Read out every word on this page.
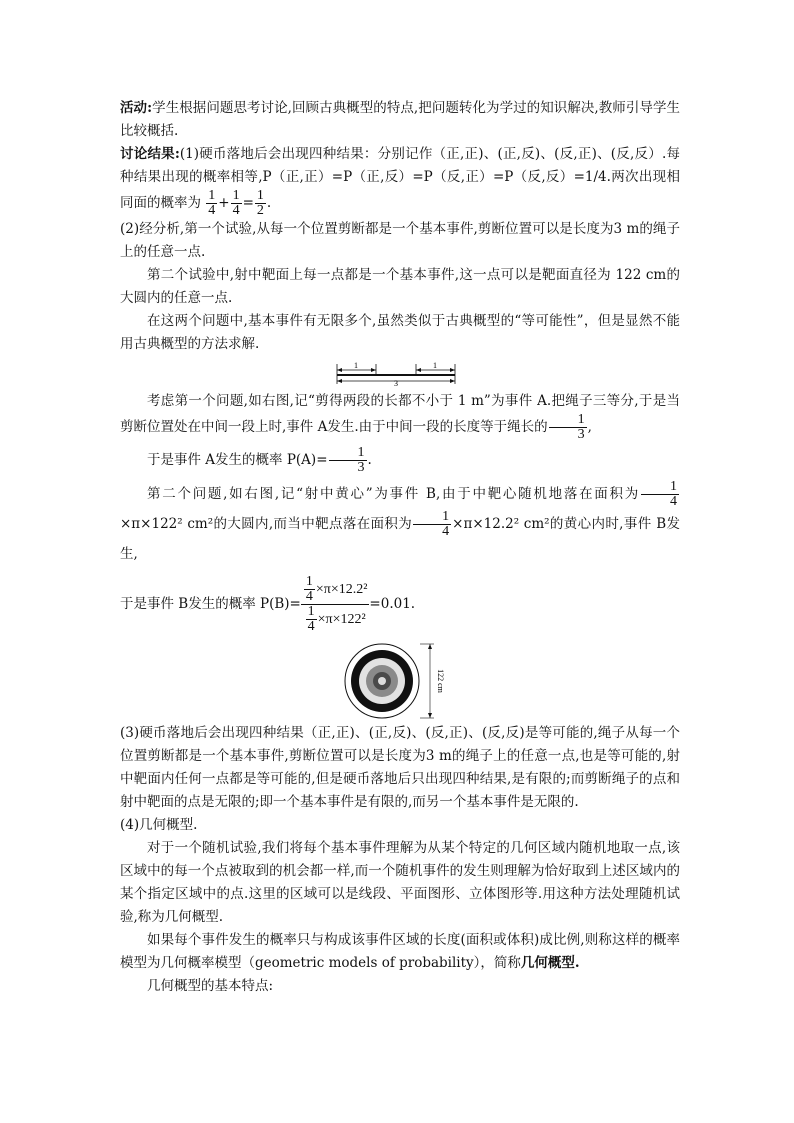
活动:学生根据问题思考讨论,回顾古典概型的特点,把问题转化为学过的知识解决,教师引导学生比较概括.

讨论结果:(1)硬币落地后会出现四种结果：分别记作（正,正)、(正,反)、(反,正)、(反,反）.每种结果出现的概率相等,P（正,正）=P（正,反）=P（反,正）=P（反,反）=1/4.两次出现相同面的概率为 $\frac{1}{4} + \frac{1}{4} = \frac{1}{2}$ .

(2)经分析,第一个试验,从每一个位置剪断都是一个基本事件,剪断位置可以是长度为3 m的绳子上的任意一点.

第二个试验中,射中靶面上每一点都是一个基本事件,这一点可以是靶面直径为 122 cm的大圆内的任意一点.

在这两个问题中,基本事件有无限多个,虽然类似于古典概型的“等可能性”，但是显然不能用古典概型的方法求解.

1	1
3

考虑第一个问题,如右图,记“剪得两段的长都不小于 1 m”为事件 A.把绳子三等分,于是当剪断位置处在中间一段上时,事件 A发生.由于中间一段的长度等于绳长的 $\frac{1}{3}$ ,

于是事件 A发生的概率 $P(A)= \frac{1}{3}$ .

第二个问题,如右图,记“射中黄心”为事件 B,由于中靶心随机地落在面积为 $\frac{1}{4}$
×π×122² cm²的大圆内,而当中靶点落在面积为 $\frac{1}{4} \times\pi\times 12.2^2$ cm²的黄心内时,事件 B发生,

于是事件 B发生的概率 $P(B)= \frac{\frac{1}{4} \times\pi\times 12.2^2}{\frac{1}{4} \times\pi\times 122^2} =0.01$.

122 cm

(3)硬币落地后会出现四种结果（正,正)、(正,反)、(反,正)、(反,反)是等可能的,绳子从每一个位置剪断都是一个基本事件,剪断位置可以是长度为3 m的绳子上的任意一点,也是等可能的,射中靶面内任何一点都是等可能的,但是硬币落地后只出现四种结果,是有限的;而剪断绳子的点和射中靶面的点是无限的;即一个基本事件是有限的,而另一个基本事件是无限的.

(4)几何概型.

对于一个随机试验,我们将每个基本事件理解为从某个特定的几何区域内随机地取一点,该区域中的每一个点被取到的机会都一样,而一个随机事件的发生则理解为恰好取到上述区域内的某个指定区域中的点.这里的区域可以是线段、平面图形、立体图形等.用这种方法处理随机试验,称为几何概型.

如果每个事件发生的概率只与构成该事件区域的长度(面积或体积)成比例,则称这样的概率模型为几何概率模型（geometric models of probability），简称几何概型.

几何概型的基本特点:
